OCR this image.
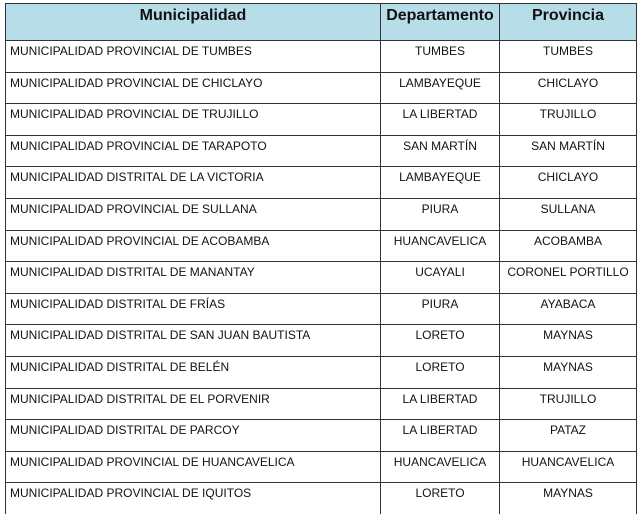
Municipalidad	Departamento	Provincia
MUNICIPALIDAD PROVINCIAL DE TUMBES	TUMBES	TUMBES
MUNICIPALIDAD PROVINCIAL DE CHICLAYO	LAMBAYEQUE	CHICLAYO
MUNICIPALIDAD PROVINCIAL DE TRUJILLO	LA LIBERTAD	TRUJILLO
MUNICIPALIDAD PROVINCIAL DE TARAPOTO	SAN MARTÍN	SAN MARTÍN
MUNICIPALIDAD DISTRITAL DE LA VICTORIA	LAMBAYEQUE	CHICLAYO
MUNICIPALIDAD PROVINCIAL DE SULLANA	PIURA	SULLANA
MUNICIPALIDAD PROVINCIAL DE ACOBAMBA	HUANCAVELICA	ACOBAMBA
MUNICIPALIDAD DISTRITAL DE MANANTAY	UCAYALI	CORONEL PORTILLO
MUNICIPALIDAD DISTRITAL DE FRÍAS	PIURA	AYABACA
MUNICIPALIDAD DISTRITAL DE SAN JUAN BAUTISTA	LORETO	MAYNAS
MUNICIPALIDAD DISTRITAL DE BELÉN	LORETO	MAYNAS
MUNICIPALIDAD DISTRITAL DE EL PORVENIR	LA LIBERTAD	TRUJILLO
MUNICIPALIDAD DISTRITAL DE PARCOY	LA LIBERTAD	PATAZ
MUNICIPALIDAD PROVINCIAL DE HUANCAVELICA	HUANCAVELICA	HUANCAVELICA
MUNICIPALIDAD PROVINCIAL DE IQUITOS	LORETO	MAYNAS
